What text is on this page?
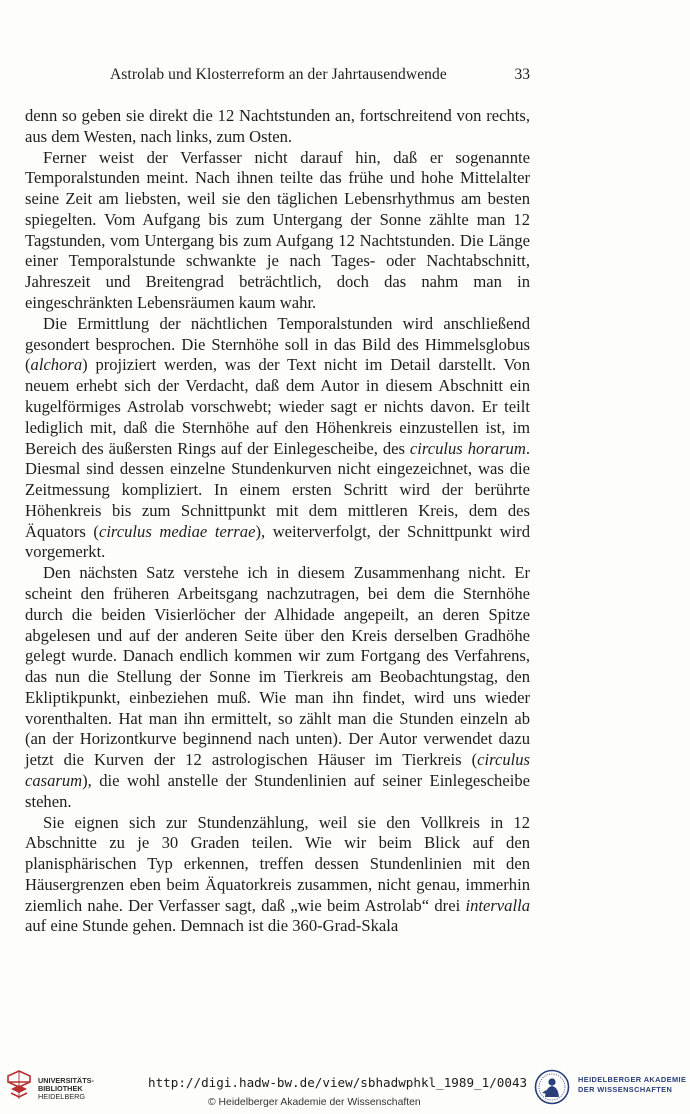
Astrolab und Klosterreform an der Jahrtausendwende	33

denn so geben sie direkt die 12 Nachtstunden an, fortschreitend von rechts, aus dem Westen, nach links, zum Osten.

Ferner weist der Verfasser nicht darauf hin, daß er sogenannte Temporalstunden meint. Nach ihnen teilte das frühe und hohe Mittelalter seine Zeit am liebsten, weil sie den täglichen Lebensrhythmus am besten spiegelten. Vom Aufgang bis zum Untergang der Sonne zählte man 12 Tagstunden, vom Untergang bis zum Aufgang 12 Nachtstunden. Die Länge einer Temporalstunde schwankte je nach Tages- oder Nachtabschnitt, Jahreszeit und Breitengrad beträchtlich, doch das nahm man in eingeschränkten Lebensräumen kaum wahr.

Die Ermittlung der nächtlichen Temporalstunden wird anschließend gesondert besprochen. Die Sternhöhe soll in das Bild des Himmelsglobus (alchora) projiziert werden, was der Text nicht im Detail darstellt. Von neuem erhebt sich der Verdacht, daß dem Autor in diesem Abschnitt ein kugelförmiges Astrolab vorschwebt; wieder sagt er nichts davon. Er teilt lediglich mit, daß die Sternhöhe auf den Höhenkreis einzustellen ist, im Bereich des äußersten Rings auf der Einlegescheibe, des circulus horarum. Diesmal sind dessen einzelne Stundenkurven nicht eingezeichnet, was die Zeitmessung kompliziert. In einem ersten Schritt wird der berührte Höhenkreis bis zum Schnittpunkt mit dem mittleren Kreis, dem des Äquators (circulus mediae terrae), weiterverfolgt, der Schnittpunkt wird vorgemerkt.

Den nächsten Satz verstehe ich in diesem Zusammenhang nicht. Er scheint den früheren Arbeitsgang nachzutragen, bei dem die Sternhöhe durch die beiden Visierlöcher der Alhidade angepeilt, an deren Spitze abgelesen und auf der anderen Seite über den Kreis derselben Gradhöhe gelegt wurde. Danach endlich kommen wir zum Fortgang des Verfahrens, das nun die Stellung der Sonne im Tierkreis am Beobachtungstag, den Ekliptikpunkt, einbeziehen muß. Wie man ihn findet, wird uns wieder vorenthalten. Hat man ihn ermittelt, so zählt man die Stunden einzeln ab (an der Horizontkurve beginnend nach unten). Der Autor verwendet dazu jetzt die Kurven der 12 astrologischen Häuser im Tierkreis (circulus casarum), die wohl anstelle der Stundenlinien auf seiner Einlegescheibe stehen.

Sie eignen sich zur Stundenzählung, weil sie den Vollkreis in 12 Abschnitte zu je 30 Graden teilen. Wie wir beim Blick auf den planisphärischen Typ erkennen, treffen dessen Stundenlinien mit den Häusergrenzen eben beim Äquatorkreis zusammen, nicht genau, immerhin ziemlich nahe. Der Verfasser sagt, daß „wie beim Astrolab“ drei intervalla auf eine Stunde gehen. Demnach ist die 360-Grad-Skala

UNIVERSITÄTS-
BIBLIOTHEK
HEIDELBERG
http://digi.hadw-bw.de/view/sbhadwphkl_1989_1/0043
© Heidelberger Akademie der Wissenschaften
HEIDELBERGER AKADEMIE
DER WISSENSCHAFTEN
